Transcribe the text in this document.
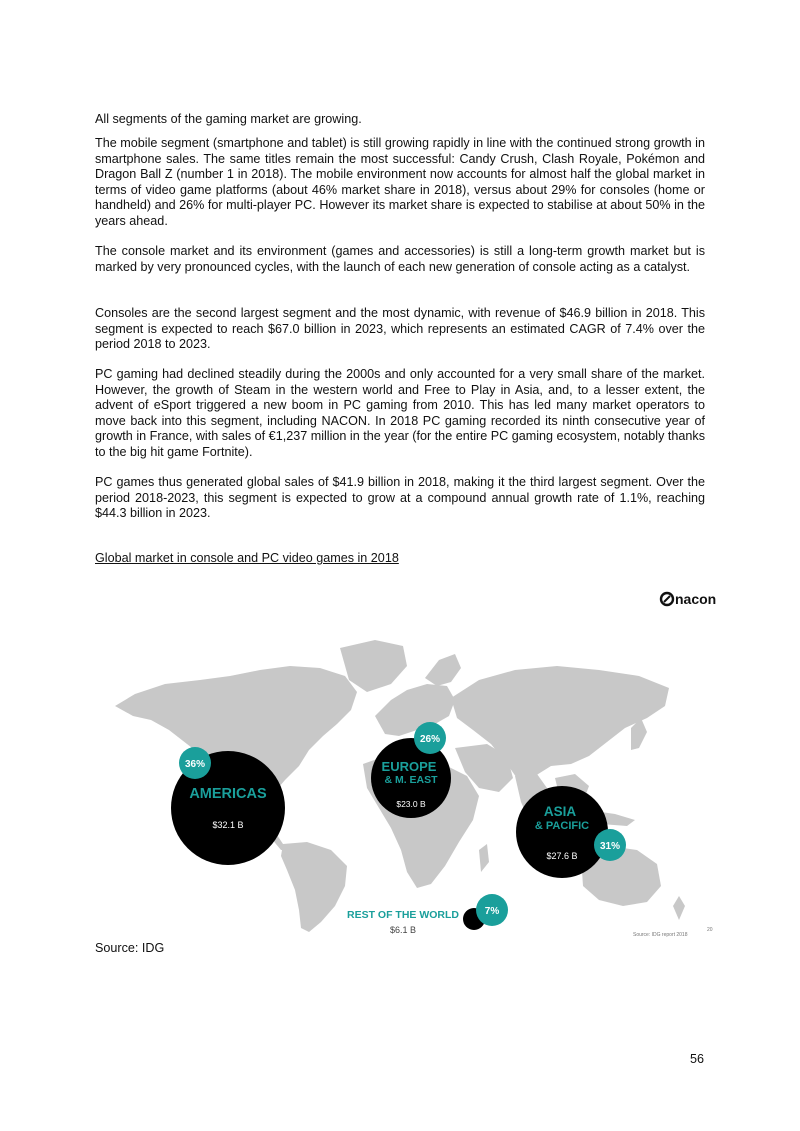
All segments of the gaming market are growing.

The mobile segment (smartphone and tablet) is still growing rapidly in line with the continued strong growth in smartphone sales. The same titles remain the most successful: Candy Crush, Clash Royale, Pokémon and Dragon Ball Z (number 1 in 2018). The mobile environment now accounts for almost half the global market in terms of video game platforms (about 46% market share in 2018), versus about 29% for consoles (home or handheld) and 26% for multi-player PC. However its market share is expected to stabilise at about 50% in the years ahead.

The console market and its environment (games and accessories) is still a long-term growth market but is marked by very pronounced cycles, with the launch of each new generation of console acting as a catalyst.

Consoles are the second largest segment and the most dynamic, with revenue of $46.9 billion in 2018. This segment is expected to reach $67.0 billion in 2023, which represents an estimated CAGR of 7.4% over the period 2018 to 2023.

PC gaming had declined steadily during the 2000s and only accounted for a very small share of the market. However, the growth of Steam in the western world and Free to Play in Asia, and, to a lesser extent, the advent of eSport triggered a new boom in PC gaming from 2010. This has led many market operators to move back into this segment, including NACON. In 2018 PC gaming recorded its ninth consecutive year of growth in France, with sales of €1,237 million in the year (for the entire PC gaming ecosystem, notably thanks to the big hit game Fortnite).

PC games thus generated global sales of $41.9 billion in 2018, making it the third largest segment. Over the period 2018-2023, this segment is expected to grow at a compound annual growth rate of 1.1%, reaching $44.3 billion in 2023.

Global market in console and PC video games in 2018
nacon
AMERICAS
$32.1 B
36%	EUROPE
& M. EAST
$23.0 B
26%
ASIA
& PACIFIC
$27.6 B
31%
REST OF THE WORLD
$6.1 B
7%
Source: IDG report 2018
20
Source: IDG
56
